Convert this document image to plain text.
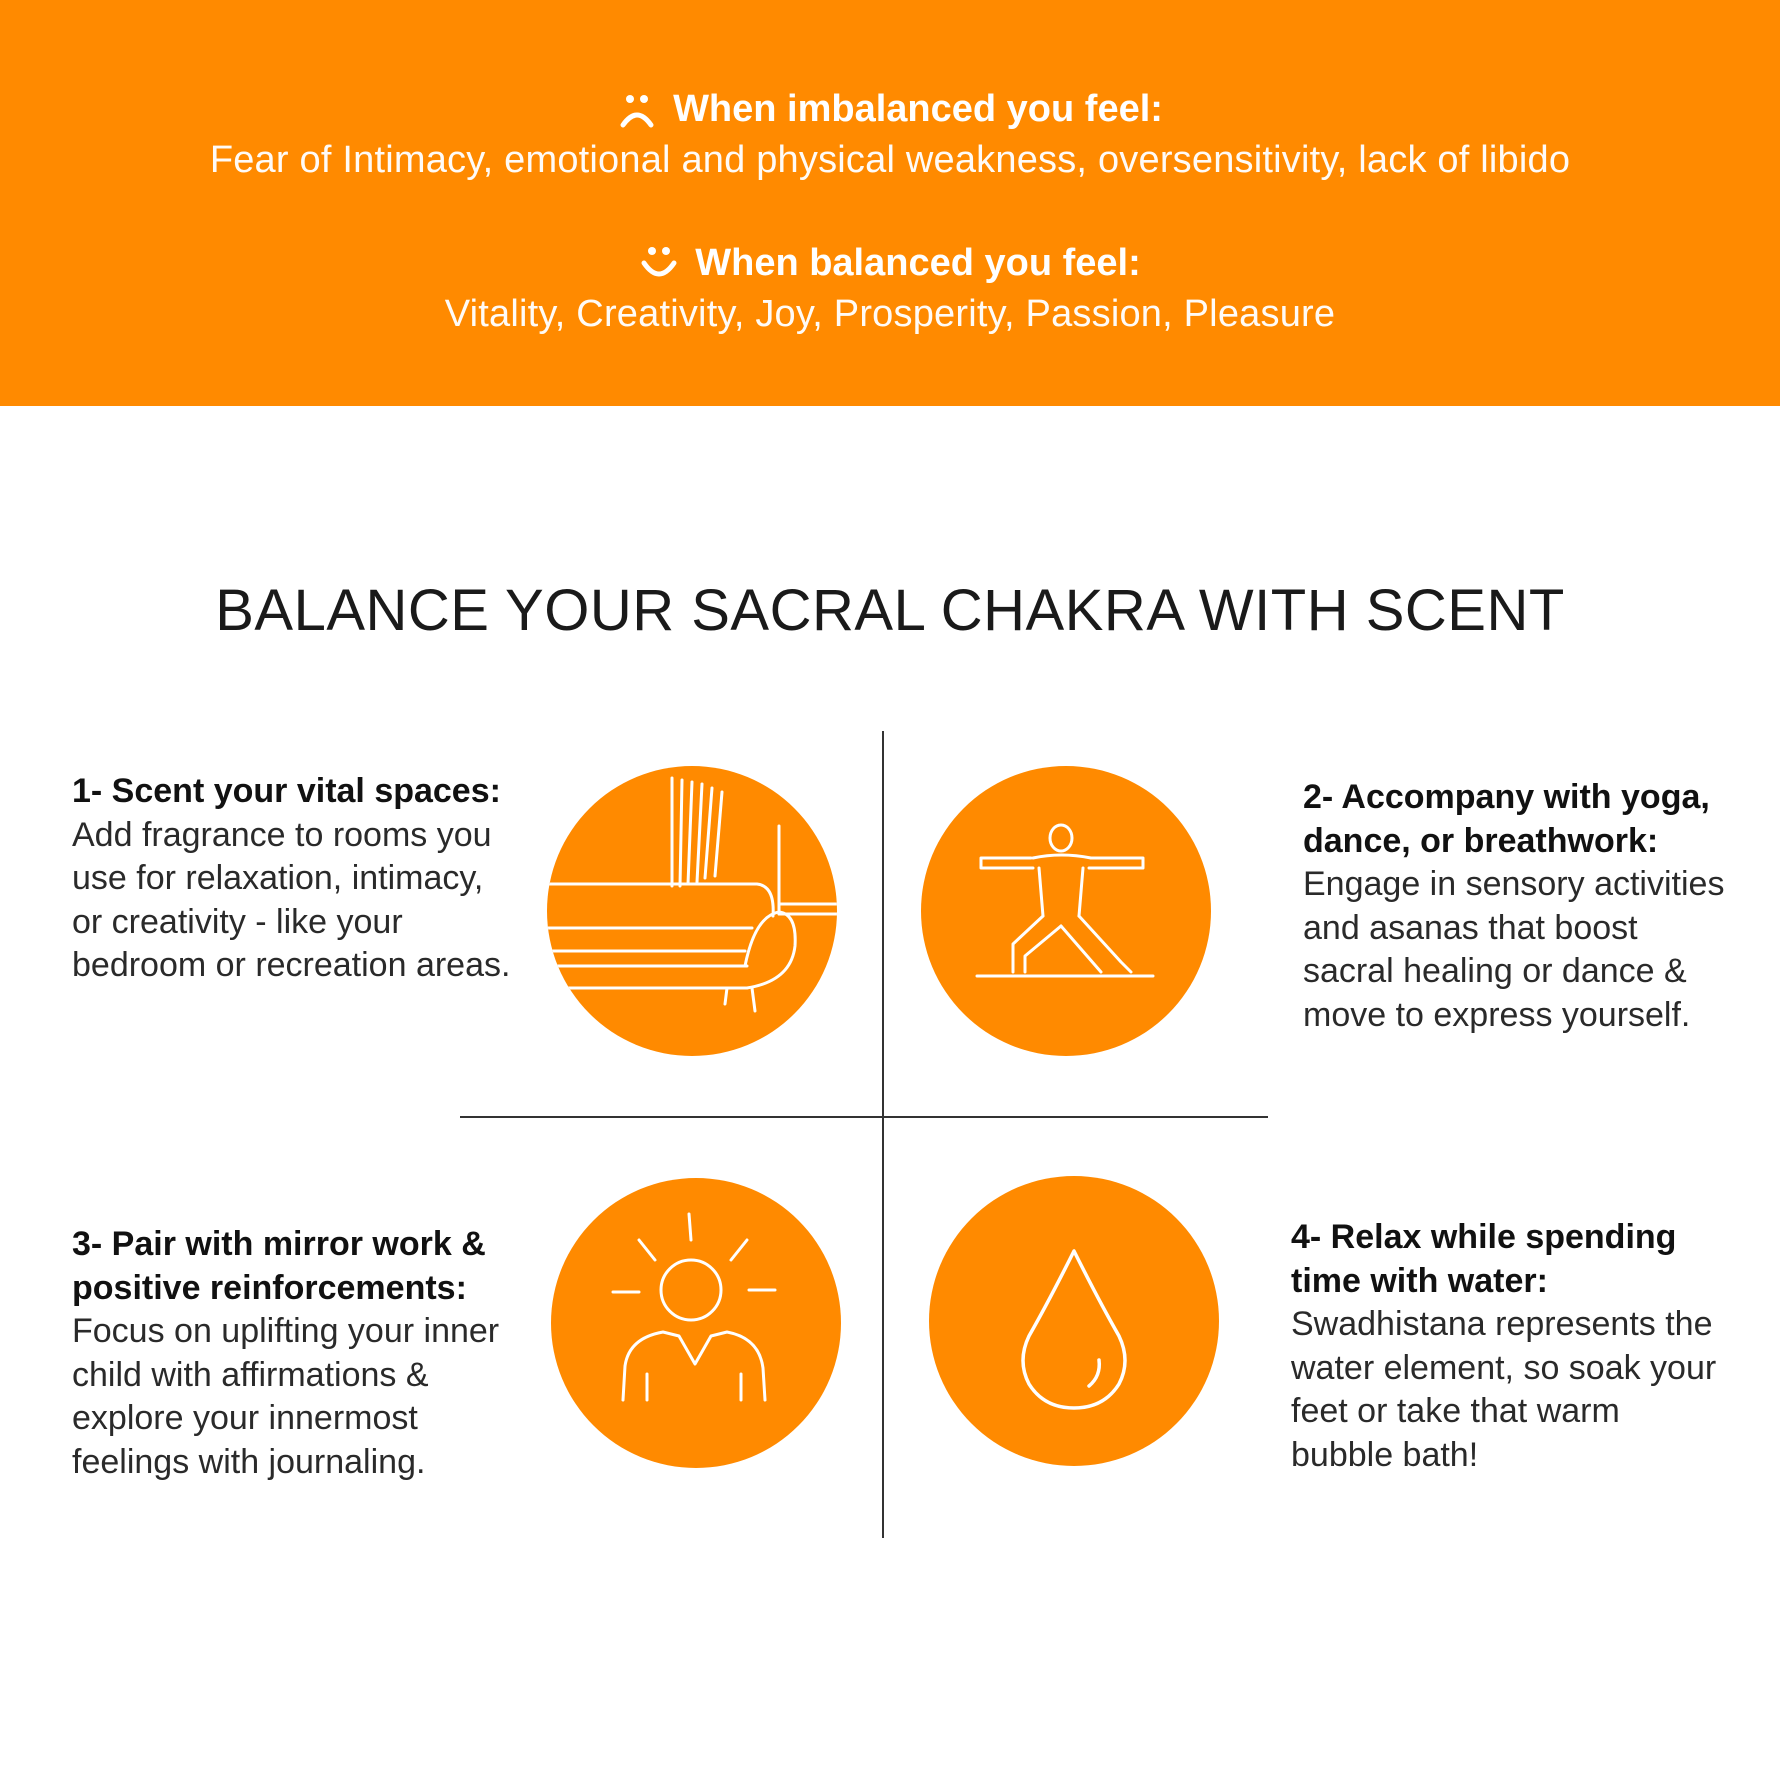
When imbalanced you feel:
Fear of Intimacy, emotional and physical weakness, oversensitivity, lack of libido
When balanced you feel:
Vitality, Creativity, Joy, Prosperity, Passion, Pleasure
BALANCE YOUR SACRAL CHAKRA WITH SCENT
1- Scent your vital spaces: Add fragrance to rooms you use for relaxation, intimacy, or creativity - like your bedroom or recreation areas.
2- Accompany with yoga, dance, or breathwork: Engage in sensory activities and asanas that boost sacral healing or dance & move to express yourself.
3- Pair with mirror work & positive reinforcements: Focus on uplifting your inner child with affirmations & explore your innermost feelings with journaling.
4- Relax while spending time with water: Swadhistana represents the water element, so soak your feet or take that warm bubble bath!
